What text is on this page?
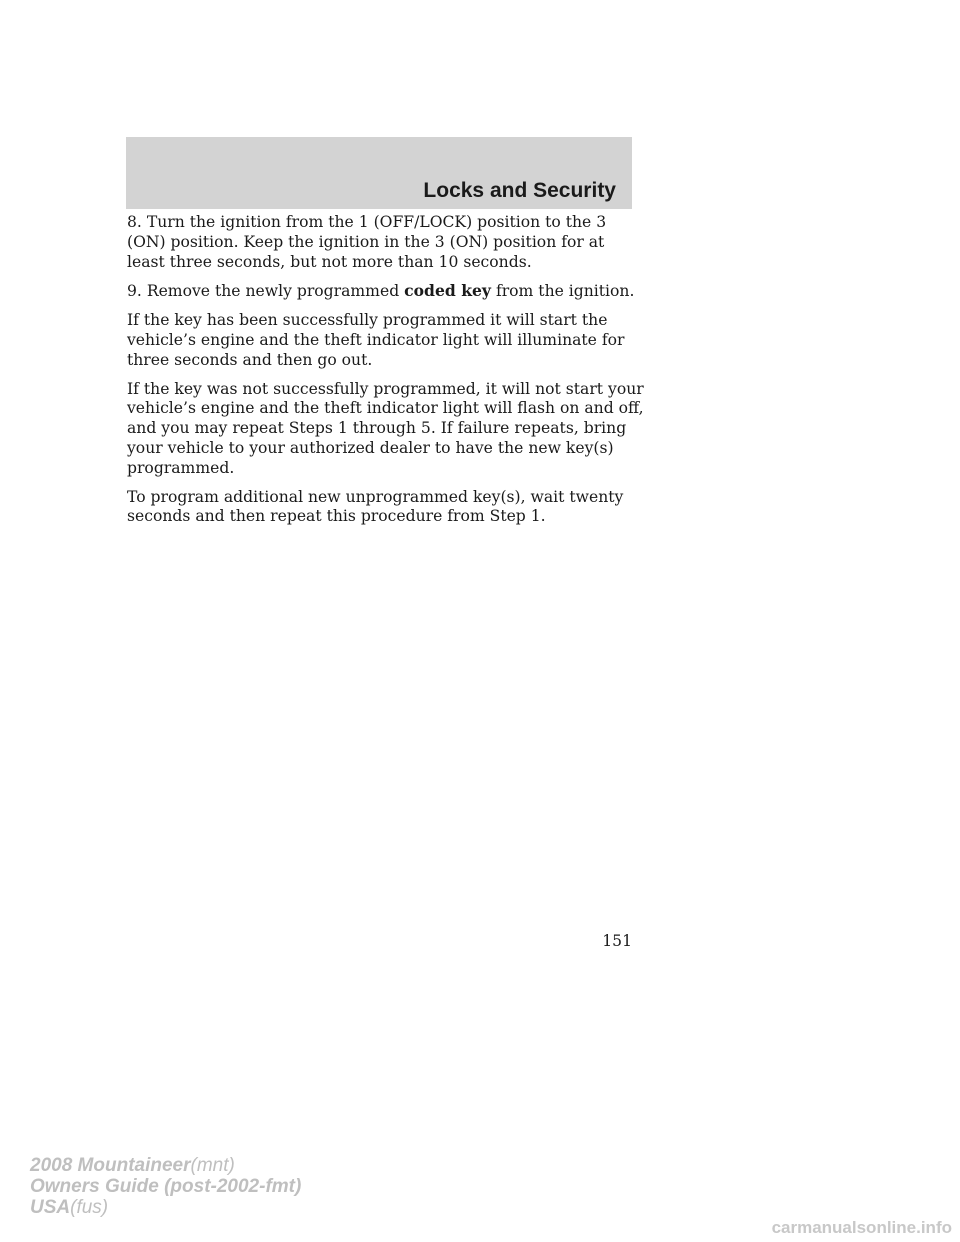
Locks and Security

8. Turn the ignition from the 1 (OFF/LOCK) position to the 3 (ON) position. Keep the ignition in the 3 (ON) position for at least three seconds, but not more than 10 seconds.

9. Remove the newly programmed coded key from the ignition.

If the key has been successfully programmed it will start the vehicle’s engine and the theft indicator light will illuminate for three seconds and then go out.

If the key was not successfully programmed, it will not start your vehicle’s engine and the theft indicator light will flash on and off, and you may repeat Steps 1 through 5. If failure repeats, bring your vehicle to your authorized dealer to have the new key(s) programmed.

To program additional new unprogrammed key(s), wait twenty seconds and then repeat this procedure from Step 1.

151
2008 Mountaineer(mnt)
Owners Guide (post-2002-fmt)
USA(fus)
carmanualsonline.info
